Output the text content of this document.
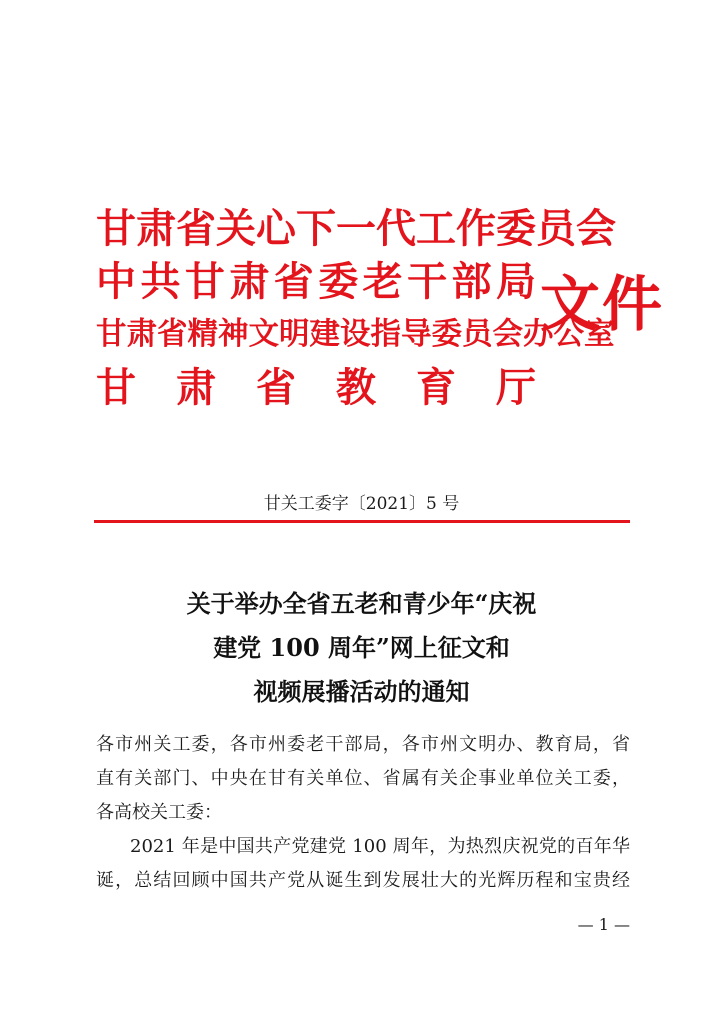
甘肃省关心下一代工作委员会
中 共 甘 肃 省 委 老 干 部 局
甘肃省精神文明建设指导委员会办公室
甘 肃 省 教 育 厅
文件
甘关工委字〔2021〕5 号
关于举办全省五老和青少年“庆祝
建党 100 周年”网上征文和
视频展播活动的通知
各市州关工委，各市州委老干部局，各市州文明办、教育局，省
直有关部门、中央在甘有关单位、省属有关企事业单位关工委，
各高校关工委：
2021 年是中国共产党建党 100 周年，为热烈庆祝党的百年华
诞，总结回顾中国共产党从诞生到发展壮大的光辉历程和宝贵经
— 1 —
